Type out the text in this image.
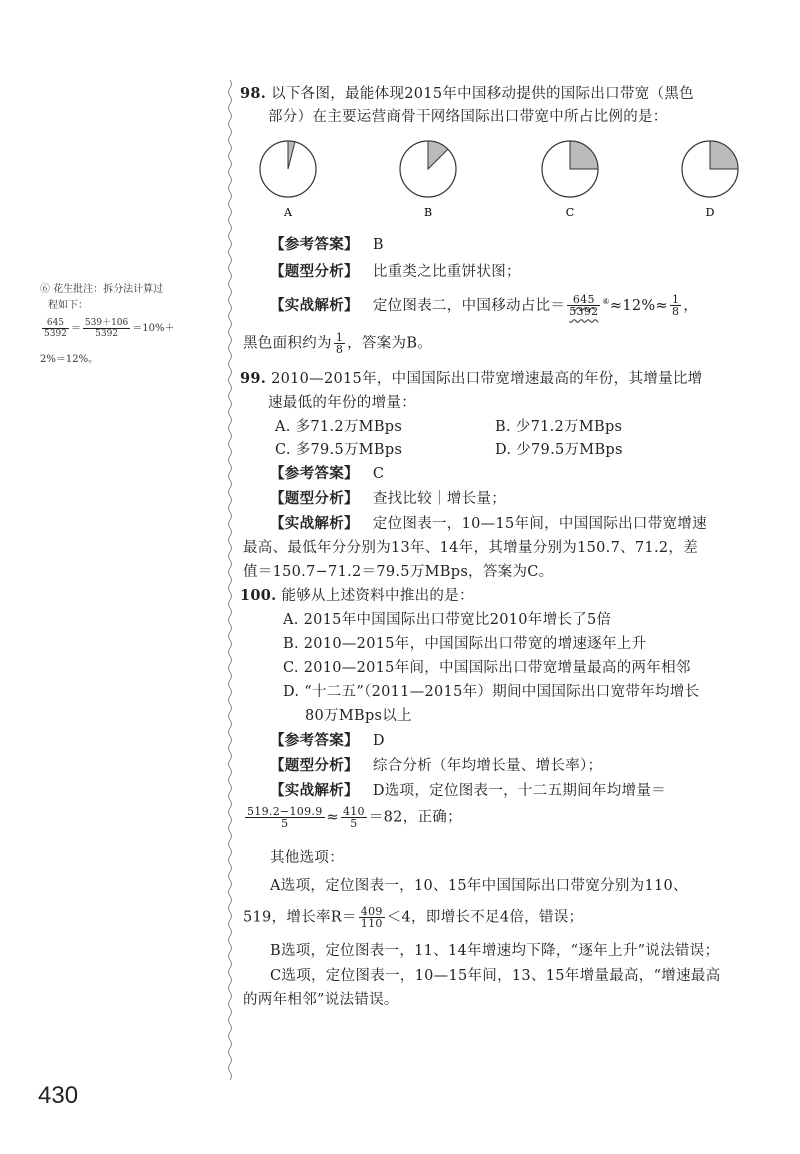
98. 以下各图，最能体现2015年中国移动提供的国际出口带宽（黑色
部分）在主要运营商骨干网络国际出口带宽中所占比例的是：
A	B	C	D
【参考答案】 B
【题型分析】 比重类之比重饼状图；
【实战解析】 定位图表二，中国移动占比＝ $\frac{645}{5392} ^⑥\approx 12\%\approx \frac{1}{8}$ ，
黑色面积约为 $\frac{1}{8}$ ，答案为B。
⑥ 花生批注：拆分法计算过
程如下：
$\frac{645}{5392} = \frac{539+106}{5392} =10\%+$
2%＝12%。
99. 2010—2015年，中国国际出口带宽增速最高的年份，其增量比增
速最低的年份的增量：
A. 多71.2万MBps	B. 少71.2万MBps
C. 多79.5万MBps	D. 少79.5万MBps
【参考答案】 C
【题型分析】 查找比较｜增长量；
【实战解析】 定位图表一，10—15年间，中国国际出口带宽增速
最高、最低年分分别为13年、14年，其增量分别为150.7、71.2，差
值＝150.7−71.2＝79.5万MBps，答案为C。
100. 能够从上述资料中推出的是：
A. 2015年中国国际出口带宽比2010年增长了5倍
B. 2010—2015年，中国国际出口带宽的增速逐年上升
C. 2010—2015年间，中国国际出口带宽增量最高的两年相邻
D. “十二五”（2011—2015年）期间中国国际出口宽带年均增长
80万MBps以上
【参考答案】 D
【题型分析】 综合分析（年均增长量、增长率）；
【实战解析】 D选项，定位图表一，十二五期间年均增量＝
$\frac{519.2-109.9}{5} \approx \frac{410}{5} =82$，正确；
其他选项：
A选项，定位图表一，10、15年中国国际出口带宽分别为110、
519，增长率$R= \frac{409}{110} <4$，即增长不足4倍，错误；
B选项，定位图表一，11、14年增速均下降，“逐年上升”说法错误；
C选项，定位图表一，10—15年间，13、15年增量最高，“增速最高
的两年相邻”说法错误。
430
